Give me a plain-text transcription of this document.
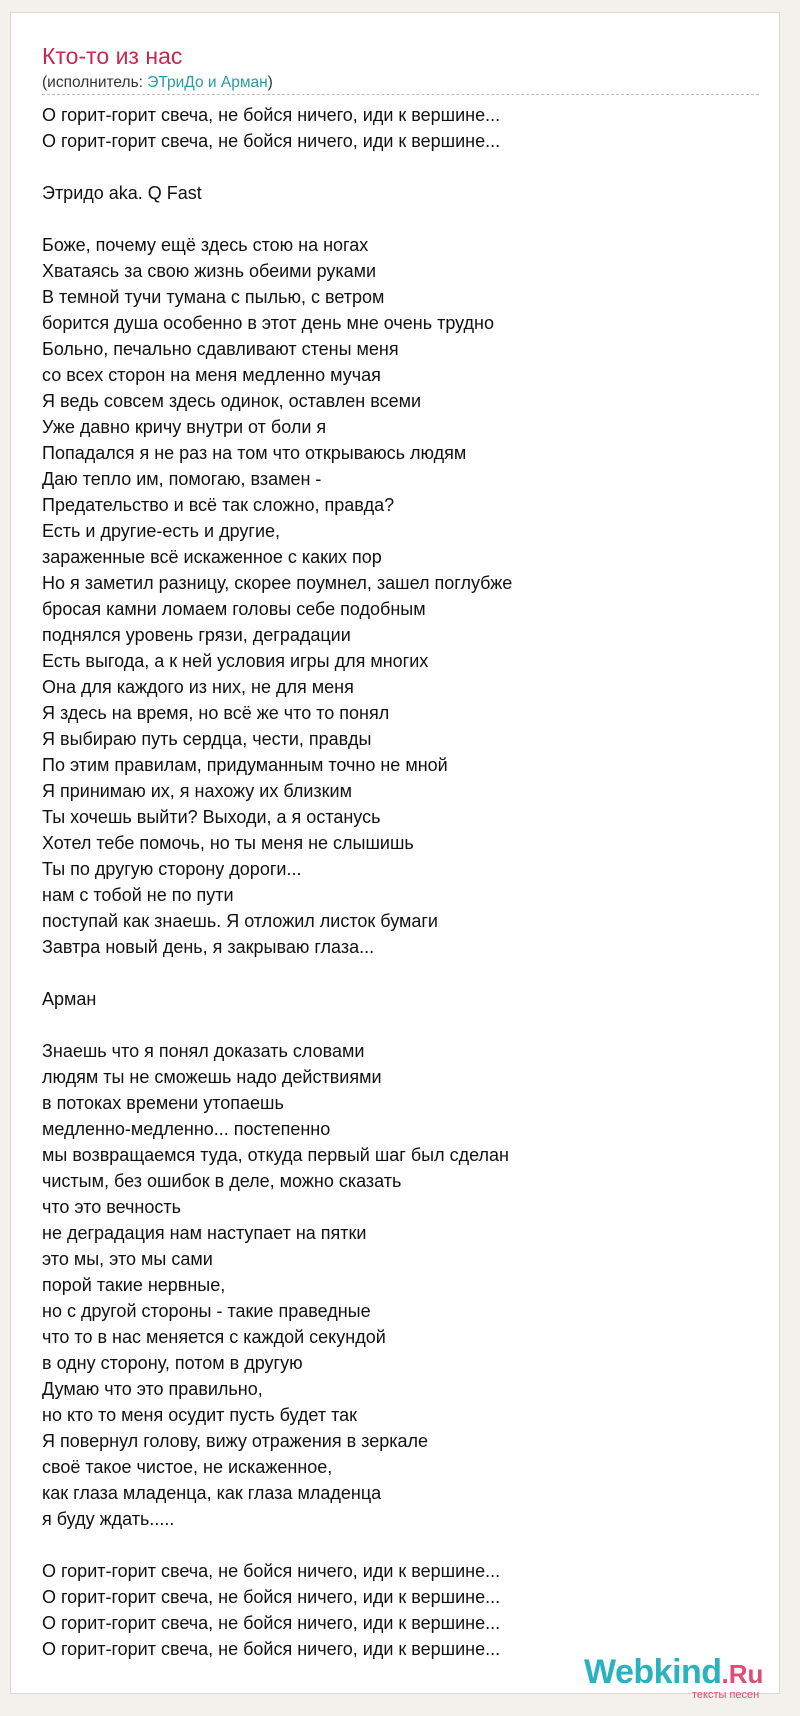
Кто-то из нас
(исполнитель: ЭТриДо и Арман)
О горит-горит свеча, не бойся ничего, иди к вершине...
О горит-горит свеча, не бойся ничего, иди к вершине...
Этридо aka. Q Fast
Боже, почему ещё здесь стою на ногах
Хватаясь за свою жизнь обеими руками
В темной тучи тумана с пылью, с ветром
борится душа особенно в этот день мне очень трудно
Больно, печально сдавливают стены меня
со всех сторон на меня медленно мучая
Я ведь совсем здесь одинок, оставлен всеми
Уже давно кричу внутри от боли я
Попадался я не раз на том что открываюсь людям
Даю тепло им, помогаю, взамен -
Предательство и всё так сложно, правда?
Есть и другие-есть и другие,
зараженные всё искаженное с каких пор
Но я заметил разницу, скорее поумнел, зашел поглубже
бросая камни ломаем головы себе подобным
поднялся уровень грязи, деградации
Есть выгода, а к ней условия игры для многих
Она для каждого из них, не для меня
Я здесь на время, но всё же что то понял
Я выбираю путь сердца, чести, правды
По этим правилам, придуманным точно не мной
Я принимаю их, я нахожу их близким
Ты хочешь выйти? Выходи, а я останусь
Хотел тебе помочь, но ты меня не слышишь
Ты по другую сторону дороги...
нам с тобой не по пути
поступай как знаешь. Я отложил листок бумаги
Завтра новый день, я закрываю глаза...
Арман
Знаешь что я понял доказать словами
людям ты не сможешь надо действиями
в потоках времени утопаешь
медленно-медленно... постепенно
мы возвращаемся туда, откуда первый шаг был сделан
чистым, без ошибок в деле, можно сказать
что это вечность
не деградация нам наступает на пятки
это мы, это мы сами
порой такие нервные,
но с другой стороны - такие праведные
что то в нас меняется с каждой секундой
в одну сторону, потом в другую
Думаю что это правильно,
но кто то меня осудит пусть будет так
Я повернул голову, вижу отражения в зеркале
своё такое чистое, не искаженное,
как глаза младенца, как глаза младенца
я буду ждать.....
О горит-горит свеча, не бойся ничего, иди к вершине...
О горит-горит свеча, не бойся ничего, иди к вершине...
О горит-горит свеча, не бойся ничего, иди к вершине...
О горит-горит свеча, не бойся ничего, иди к вершине...
Webkind.Ru
тексты песен
